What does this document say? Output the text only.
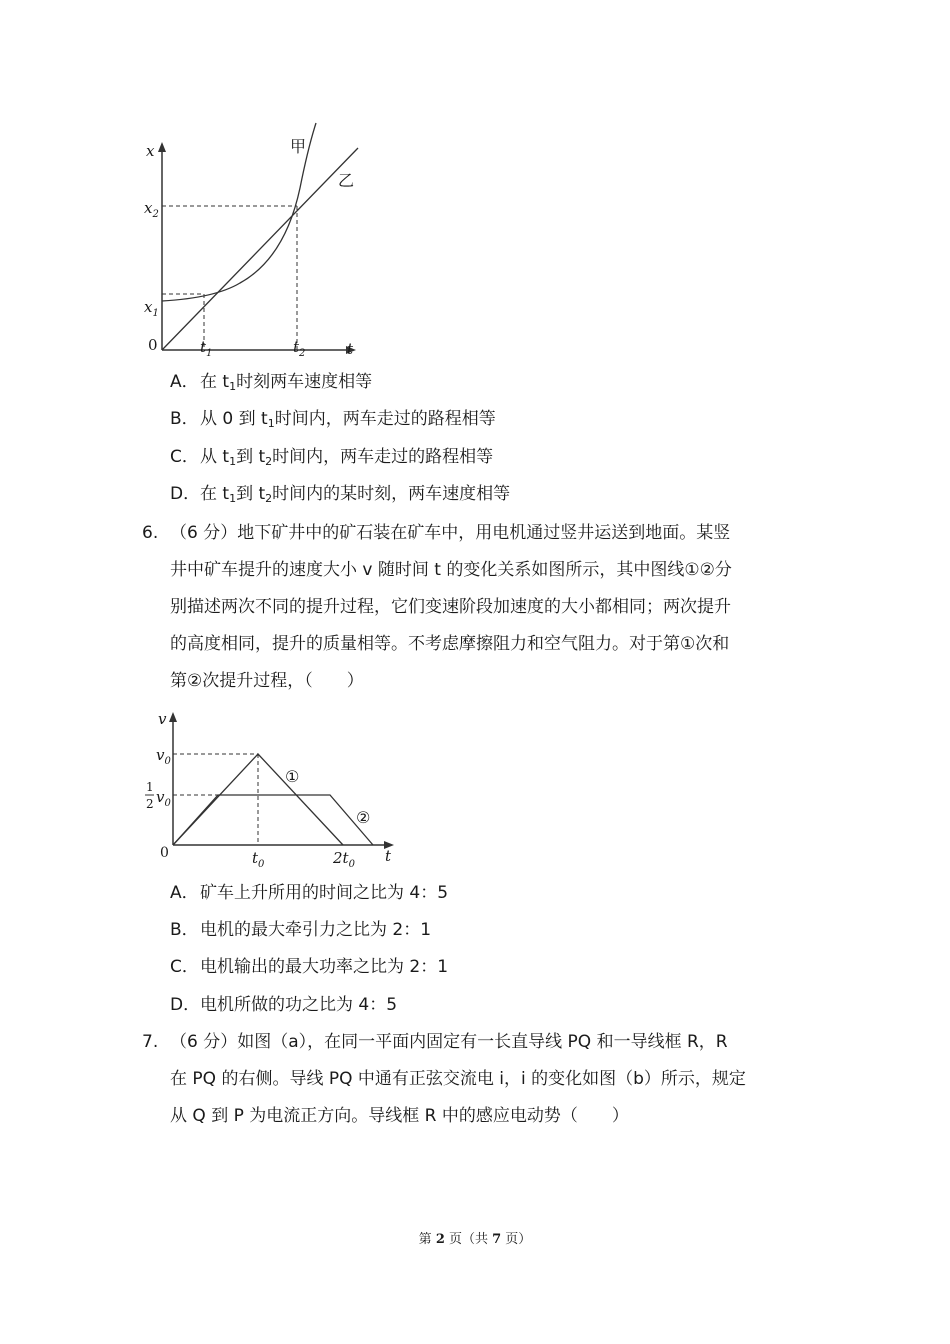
x
t
0
甲
乙
$x_2$
$x_1$
$t_1$	$t_2$
A．在 $t_1$时刻两车速度相等
B．从 0 到 $t_1$时间内，两车走过的路程相等
C．从 $t_1$到 $t_2$时间内，两车走过的路程相等
D．在 $t_1$到 $t_2$时间内的某时刻，两车速度相等
6. （6 分）地下矿井中的矿石装在矿车中，用电机通过竖井运送到地面。某竖
井中矿车提升的速度大小 v 随时间 t 的变化关系如图所示，其中图线①②分
别描述两次不同的提升过程，它们变速阶段加速度的大小都相同；两次提升
的高度相同，提升的质量相等。不考虑摩擦阻力和空气阻力。对于第①次和
第②次提升过程，（　　）
v
t
0
$v_0$
1
2 $v_0$
$t_0$	$2t_0$
①
②
A．矿车上升所用的时间之比为 4：5
B．电机的最大牵引力之比为 2：1
C．电机输出的最大功率之比为 2：1
D．电机所做的功之比为 4：5
7. （6 分）如图（a），在同一平面内固定有一长直导线 PQ 和一导线框 R，R
在 PQ 的右侧。导线 PQ 中通有正弦交流电 i，i 的变化如图（b）所示，规定
从 Q 到 P 为电流正方向。导线框 R 中的感应电动势（　　）
第 2 页（共 7 页）
